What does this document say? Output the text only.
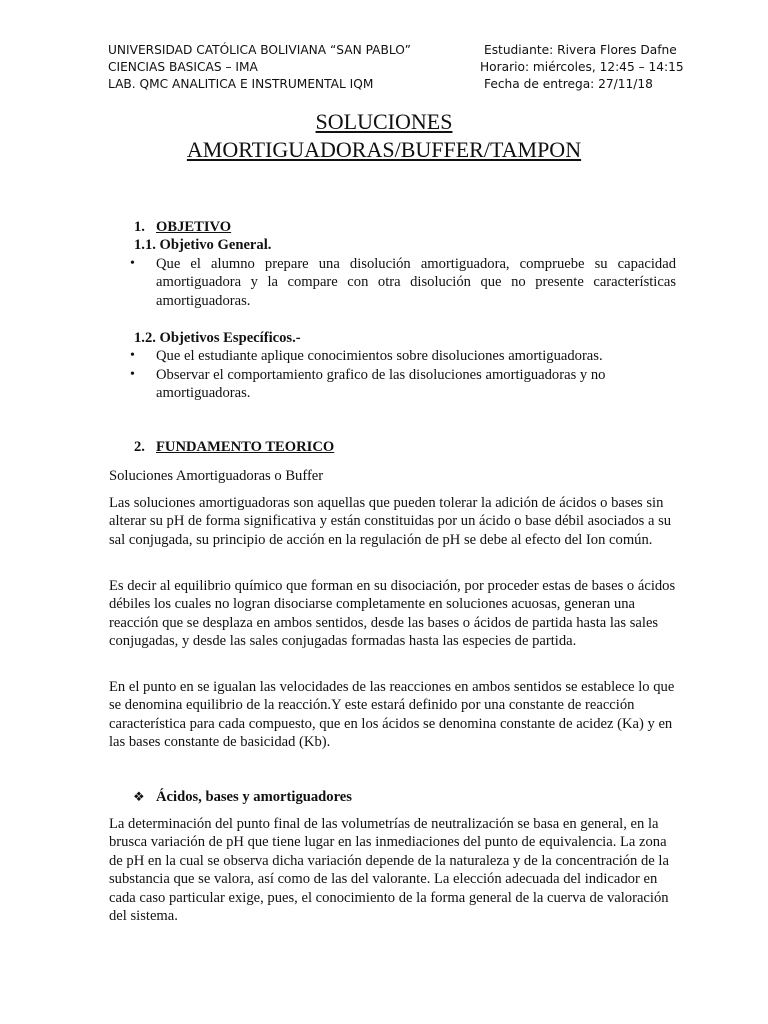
UNIVERSIDAD CATÓLICA BOLIVIANA “SAN PABLO”	Estudiante: Rivera Flores Dafne
CIENCIAS BASICAS – IMA	Horario: miércoles, 12:45 – 14:15
LAB. QMC ANALITICA E INSTRUMENTAL IQM	Fecha de entrega: 27/11/18
SOLUCIONES
AMORTIGUADORAS/BUFFER/TAMPON
1. OBJETIVO
1.1. Objetivo General.
• Que el alumno prepare una disolución amortiguadora, compruebe su capacidad amortiguadora y la compare con otra disolución que no presente características amortiguadoras.
1.2. Objetivos Específicos.-
• Que el estudiante aplique conocimientos sobre disoluciones amortiguadoras.
• Observar el comportamiento grafico de las disoluciones amortiguadoras y no amortiguadoras.
2. FUNDAMENTO TEORICO
Soluciones Amortiguadoras o Buffer
Las soluciones amortiguadoras son aquellas que pueden tolerar la adición de ácidos o bases sin alterar su pH de forma significativa y están constituidas por un ácido o base débil asociados a su sal conjugada, su principio de acción en la regulación de pH se debe al efecto del Ion común.
Es decir al equilibrio químico que forman en su disociación, por proceder estas de bases o ácidos débiles los cuales no logran disociarse completamente en soluciones acuosas, generan una reacción que se desplaza en ambos sentidos, desde las bases o ácidos de partida hasta las sales conjugadas, y desde las sales conjugadas formadas hasta las especies de partida.
En el punto en se igualan las velocidades de las reacciones en ambos sentidos se establece lo que se denomina equilibrio de la reacción.Y este estará definido por una constante de reacción característica para cada compuesto, que en los ácidos se denomina constante de acidez (Ka) y en las bases constante de basicidad (Kb).
❖ Ácidos, bases y amortiguadores
La determinación del punto final de las volumetrías de neutralización se basa en general, en la brusca variación de pH que tiene lugar en las inmediaciones del punto de equivalencia. La zona de pH en la cual se observa dicha variación depende de la naturaleza y de la concentración de la substancia que se valora, así como de las del valorante. La elección adecuada del indicador en cada caso particular exige, pues, el conocimiento de la forma general de la cuerva de valoración del sistema.
